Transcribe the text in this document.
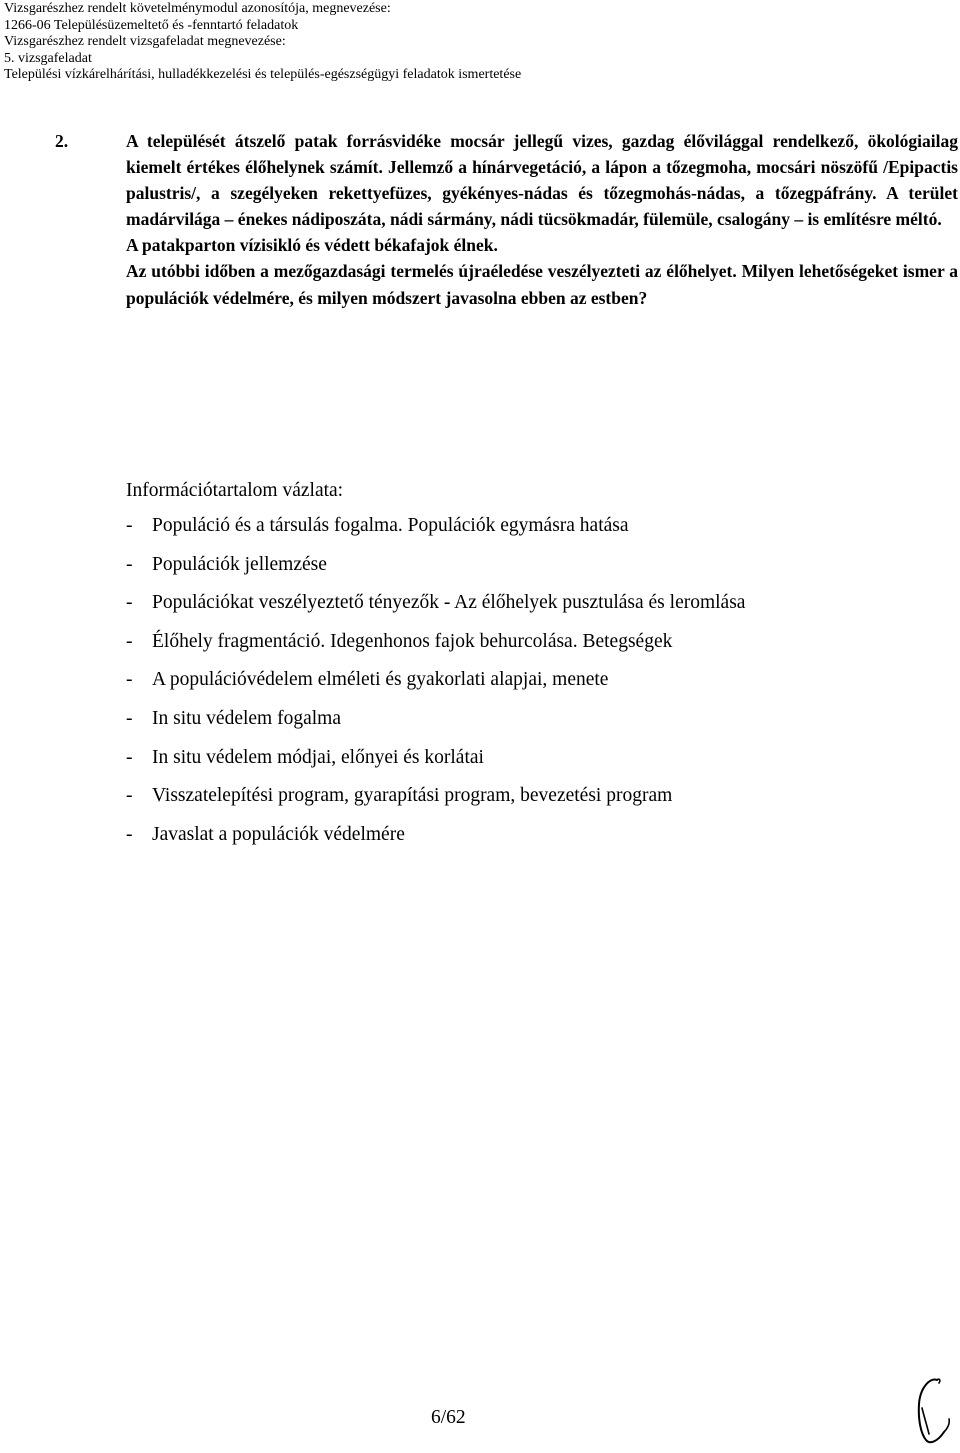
Vizsgarészhez rendelt követelménymodul azonosítója, megnevezése:
1266-06 Településüzemeltető és -fenntartó feladatok
Vizsgarészhez rendelt vizsgafeladat megnevezése:
5. vizsgafeladat
Települési vízkárelhárítási, hulladékkezelési és település-egészségügyi feladatok ismertetése
2.	A települését átszelő patak forrásvidéke mocsár jellegű vizes, gazdag élővilággal rendelkező, ökológiailag kiemelt értékes élőhelynek számít. Jellemző a hínárvegetáció, a lápon a tőzegmoha, mocsári nöszöfű /Epipactis palustris/, a szegélyeken rekettyefüzes, gyékényes-nádas és tőzegmohás-nádas, a tőzegpáfrány. A terület madárvilága – énekes nádiposzáta, nádi sármány, nádi tücsökmadár, fülemüle, csalogány – is említésre méltó.

A patakparton vízisikló és védett békafajok élnek.

Az utóbbi időben a mezőgazdasági termelés újraéledése veszélyezteti az élőhelyet. Milyen lehetőségeket ismer a populációk védelmére, és milyen módszert javasolna ebben az estben?

Információtartalom vázlata:
- Populáció és a társulás fogalma. Populációk egymásra hatása
- Populációk jellemzése
- Populációkat veszélyeztető tényezők - Az élőhelyek pusztulása és leromlása
- Élőhely fragmentáció. Idegenhonos fajok behurcolása. Betegségek
- A populációvédelem elméleti és gyakorlati alapjai, menete
- In situ védelem fogalma
- In situ védelem módjai, előnyei és korlátai
- Visszatelepítési program, gyarapítási program, bevezetési program
- Javaslat a populációk védelmére
6/62
